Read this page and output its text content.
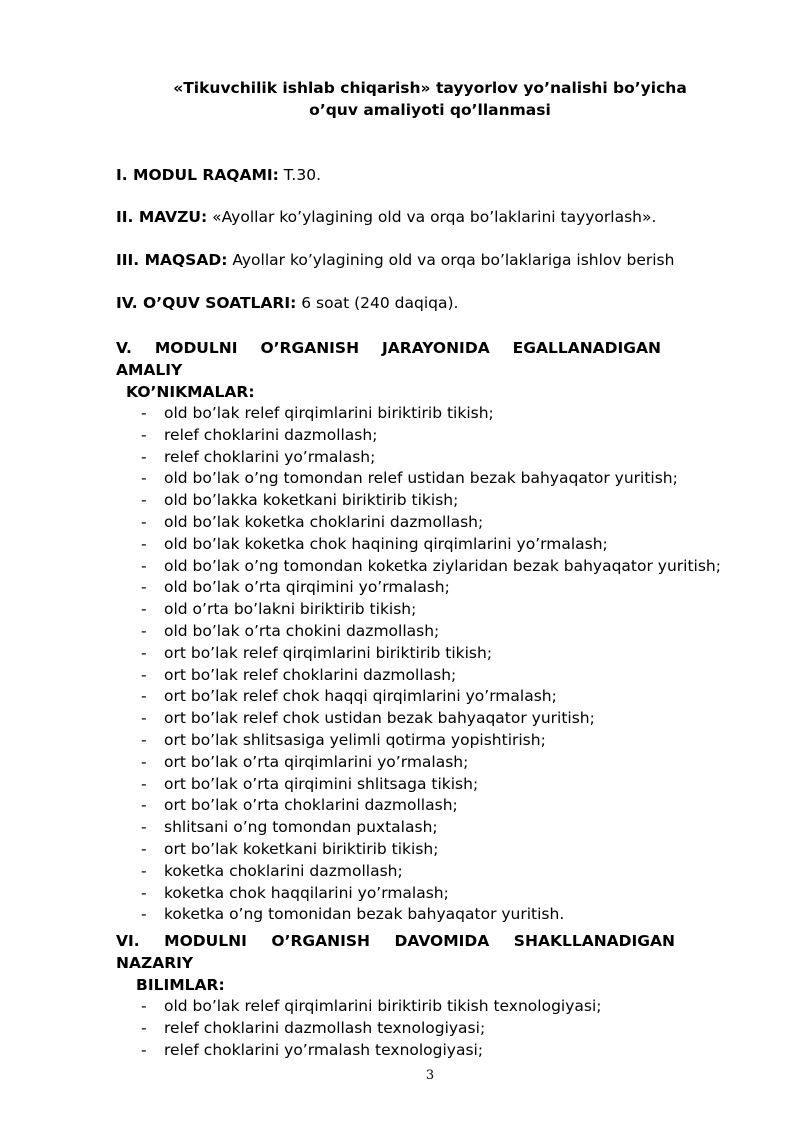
«Tikuvchilik ishlab chiqarish» tayyorlov yo’nalishi bo’yicha
o’quv amaliyoti qo’llanmasi
I. MODUL RAQAMI: T.30.
II. MAVZU: «Ayollar ko’ylagining old va orqa bo’laklarini tayyorlash».
III. MAQSAD: Ayollar ko’ylagining old va orqa bo’laklariga ishlov berish
IV. O’QUV SOATLARI: 6 soat (240 daqiqa).
V. MODULNI O’RGANISH JARAYONIDA EGALLANADIGAN AMALIY
KO’NIKMALAR:
- old bo’lak relef qirqimlarini biriktirib tikish;
- relef choklarini dazmollash;
- relef choklarini yo’rmalash;
- old bo’lak o’ng tomondan relef ustidan bezak bahyaqator yuritish;
- old bo’lakka koketkani biriktirib tikish;
- old bo’lak koketka choklarini dazmollash;
- old bo’lak koketka chok haqining qirqimlarini yo’rmalash;
- old bo’lak o’ng tomondan koketka ziylaridan bezak bahyaqator yuritish;
- old bo’lak o’rta qirqimini yo’rmalash;
- old o’rta bo’lakni biriktirib tikish;
- old bo’lak o’rta chokini dazmollash;
- ort bo’lak relef qirqimlarini biriktirib tikish;
- ort bo’lak relef choklarini dazmollash;
- ort bo’lak relef chok haqqi qirqimlarini yo’rmalash;
- ort bo’lak relef chok ustidan bezak bahyaqator yuritish;
- ort bo’lak shlitsasiga yelimli qotirma yopishtirish;
- ort bo’lak o’rta qirqimlarini yo’rmalash;
- ort bo’lak o’rta qirqimini shlitsaga tikish;
- ort bo’lak o’rta choklarini dazmollash;
- shlitsani o’ng tomondan puxtalash;
- ort bo’lak koketkani biriktirib tikish;
- koketka choklarini dazmollash;
- koketka chok haqqilarini yo’rmalash;
- koketka o’ng tomonidan bezak bahyaqator yuritish.
VI. MODULNI O’RGANISH DAVOMIDA SHAKLLANADIGAN NAZARIY
BILIMLAR:
- old bo’lak relef qirqimlarini biriktirib tikish texnologiyasi;
- relef choklarini dazmollash texnologiyasi;
- relef choklarini yo’rmalash texnologiyasi;
3
